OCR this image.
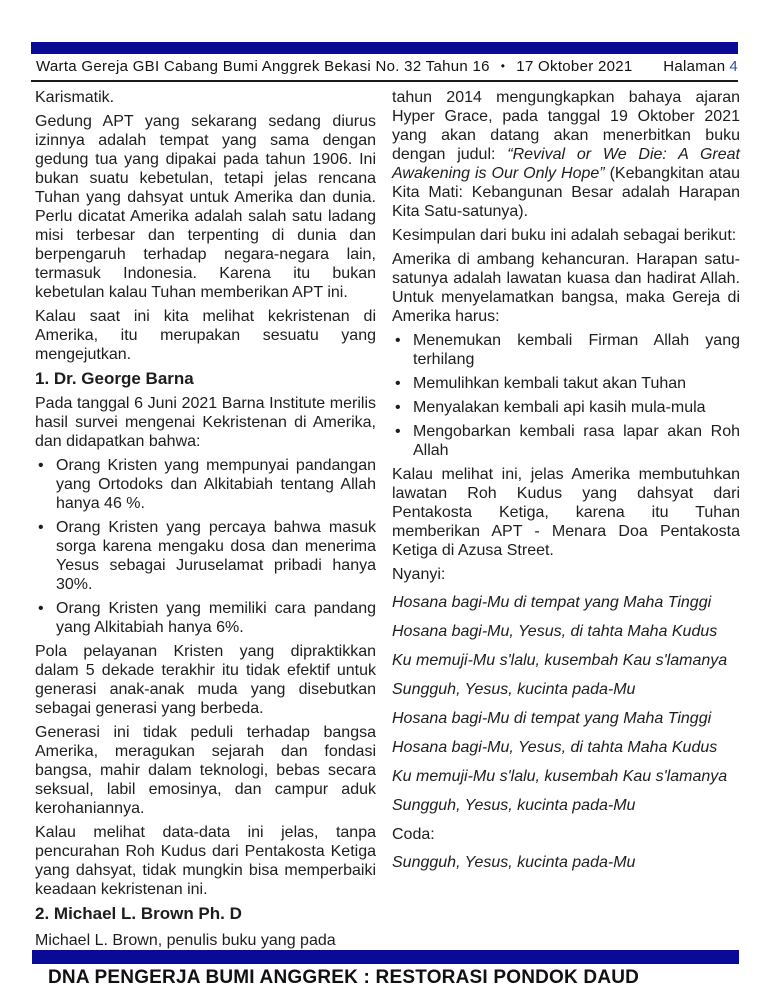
Warta Gereja GBI Cabang Bumi Anggrek Bekasi No. 32 Tahun 16 • 17 Oktober 2021 Halaman 4

Karismatik.

Gedung APT yang sekarang sedang diurus izinnya adalah tempat yang sama dengan gedung tua yang dipakai pada tahun 1906. Ini bukan suatu kebetulan, tetapi jelas rencana Tuhan yang dahsyat untuk Amerika dan dunia. Perlu dicatat Amerika adalah salah satu ladang misi terbesar dan terpenting di dunia dan berpengaruh terhadap negara-negara lain, termasuk Indonesia. Karena itu bukan kebetulan kalau Tuhan memberikan APT ini.

Kalau saat ini kita melihat kekristenan di Amerika, itu merupakan sesuatu yang mengejutkan.

1. Dr. George Barna

Pada tanggal 6 Juni 2021 Barna Institute merilis hasil survei mengenai Kekristenan di Amerika, dan didapatkan bahwa:

• Orang Kristen yang mempunyai pandangan yang Ortodoks dan Alkitabiah tentang Allah hanya 46 %.
• Orang Kristen yang percaya bahwa masuk sorga karena mengaku dosa dan menerima Yesus sebagai Juruselamat pribadi hanya 30%.
• Orang Kristen yang memiliki cara pandang yang Alkitabiah hanya 6%.

Pola pelayanan Kristen yang dipraktikkan dalam 5 dekade terakhir itu tidak efektif untuk generasi anak-anak muda yang disebutkan sebagai generasi yang berbeda.

Generasi ini tidak peduli terhadap bangsa Amerika, meragukan sejarah dan fondasi bangsa, mahir dalam teknologi, bebas secara seksual, labil emosinya, dan campur aduk kerohaniannya.

Kalau melihat data-data ini jelas, tanpa pencurahan Roh Kudus dari Pentakosta Ketiga yang dahsyat, tidak mungkin bisa memperbaiki keadaan kekristenan ini.

2. Michael L. Brown Ph. D

Michael L. Brown, penulis buku yang pada

tahun 2014 mengungkapkan bahaya ajaran Hyper Grace, pada tanggal 19 Oktober 2021 yang akan datang akan menerbitkan buku dengan judul: “Revival or We Die: A Great Awakening is Our Only Hope” (Kebangkitan atau Kita Mati: Kebangunan Besar adalah Harapan Kita Satu-satunya).

Kesimpulan dari buku ini adalah sebagai berikut:

Amerika di ambang kehancuran. Harapan satu-satunya adalah lawatan kuasa dan hadirat Allah. Untuk menyelamatkan bangsa, maka Gereja di Amerika harus:

• Menemukan kembali Firman Allah yang terhilang
• Memulihkan kembali takut akan Tuhan
• Menyalakan kembali api kasih mula-mula
• Mengobarkan kembali rasa lapar akan Roh Allah

Kalau melihat ini, jelas Amerika membutuhkan lawatan Roh Kudus yang dahsyat dari Pentakosta Ketiga, karena itu Tuhan memberikan APT - Menara Doa Pentakosta Ketiga di Azusa Street.

Nyanyi:

Hosana bagi-Mu di tempat yang Maha Tinggi

Hosana bagi-Mu, Yesus, di tahta Maha Kudus

Ku memuji-Mu s'lalu, kusembah Kau s'lamanya

Sungguh, Yesus, kucinta pada-Mu

Hosana bagi-Mu di tempat yang Maha Tinggi

Hosana bagi-Mu, Yesus, di tahta Maha Kudus

Ku memuji-Mu s'lalu, kusembah Kau s'lamanya

Sungguh, Yesus, kucinta pada-Mu

Coda:

Sungguh, Yesus, kucinta pada-Mu

DNA PENGERJA BUMI ANGGREK : RESTORASI PONDOK DAUD
